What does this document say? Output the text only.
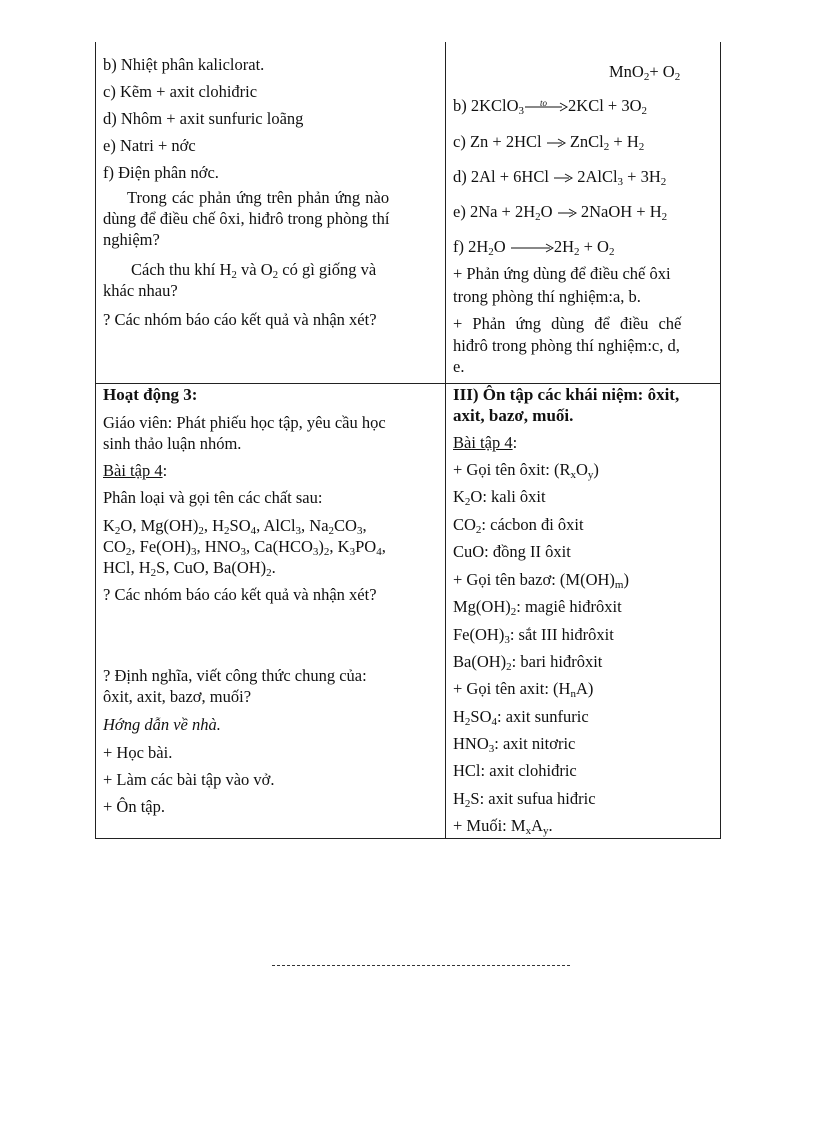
b) Nhiệt phân kaliclorat.
c) Kẽm + axit clohiđric
d) Nhôm + axit sunfuric loãng
e) Natri + nớc
f) Điện phân nớc.
Trong các phản ứng trên phản ứng nào
dùng để điều chế ôxi, hiđrô trong phòng thí
nghiệm?
Cách thu khí $H_2$ và $O_2$ có gì giống và
khác nhau?
? Các nhóm báo cáo kết quả và nhận xét?
Hoạt động 3:
Giáo viên: Phát phiếu học tập, yêu cầu học
sinh thảo luận nhóm.
Bài tập 4:
Phân loại và gọi tên các chất sau:
$K_2O$, $Mg(OH)_2$, $H_2SO_4$, AlCl$_3$, $Na_2CO_3$,
$CO_2$, $Fe(OH)_3$, $HNO_3$, $Ca(HCO_3)_2$, $K_3PO_4$,
HCl, $H_2S$, CuO, $Ba(OH)_2$.
? Các nhóm báo cáo kết quả và nhận xét?
? Định nghĩa, viết công thức chung của:
ôxit, axit, bazơ, muối?
Hớng dẫn về nhà.
+ Học bài.
+ Làm các bài tập vào vở.
+ Ôn tập.
$MnO_2+ O_2$
b) 2KClO$_3$
to $2KCl + 3O_2$
c) Zn + 2HCl → ZnCl$_2$ + $H_2$
d) 2Al + 6HCl → 2AlCl$_3$ + $3H_2$
e) $2Na + 2H_2O$ → 2NaOH + $H_2$
f) $2H_2O \to 2H_2 + O_2$
+ Phản ứng dùng để điều chế ôxi
trong phòng thí nghiệm:a, b.
+ Phản ứng dùng để điều chế
hiđrô trong phòng thí nghiệm:c, d,
e.
III) Ôn tập các khái niệm: ôxit,
axit, bazơ, muối.
Bài tập 4:
+ Gọi tên ôxit: $(R_xO_y)$
$K_2O$: kali ôxit
$CO_2$: cácbon đi ôxit
CuO: đồng II ôxit
+ Gọi tên bazơ: $(M(OH)_m)$
$Mg(OH)_2$: magiê hiđrôxit
$Fe(OH)_3$: sắt III hiđrôxit
$Ba(OH)_2$: bari hiđrôxit
+ Gọi tên axit: $(H_nA)$
$H_2SO_4$: axit sunfuric
$HNO_3$: axit nitơric
HCl: axit clohiđric
$H_2S$: axit sufua hiđric
+ Muối: $M_xA_y$.
